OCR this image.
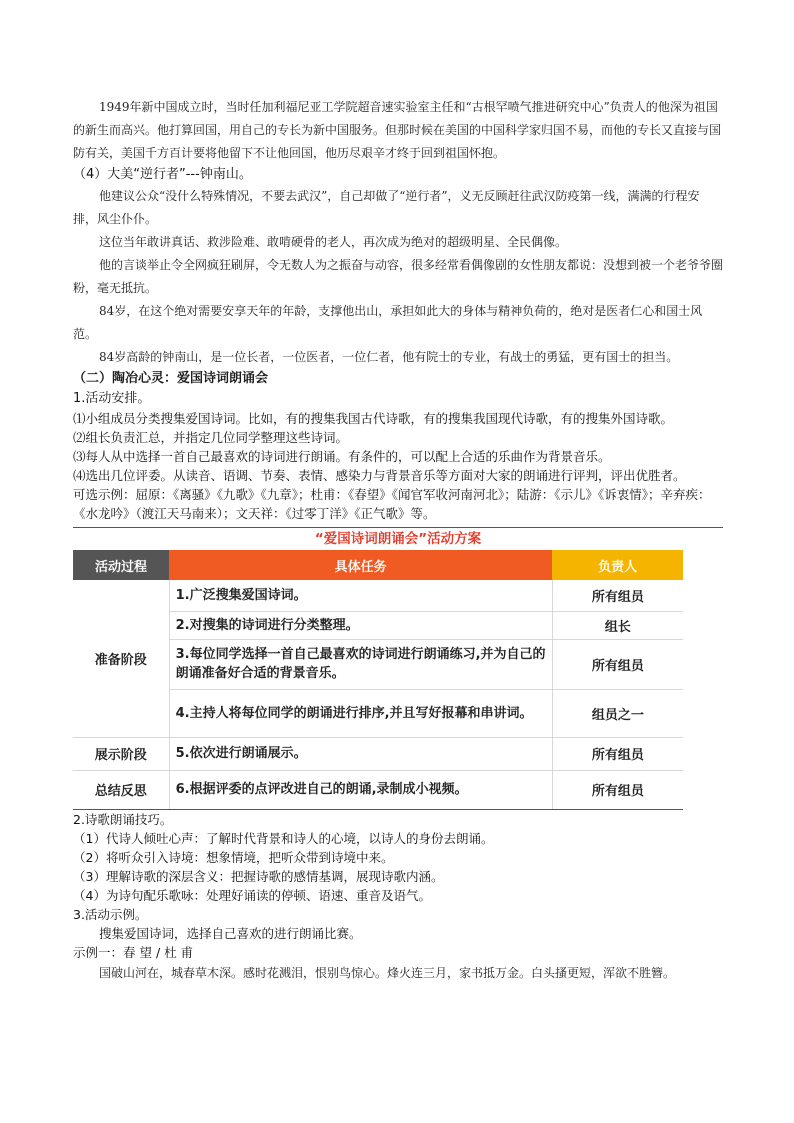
1949年新中国成立时，当时任加利福尼亚工学院超音速实验室主任和“古根罕喷气推进研究中心”负责人的他深为祖国的新生而高兴。他打算回国，用自己的专长为新中国服务。但那时候在美国的中国科学家归国不易，而他的专长又直接与国防有关，美国千方百计要将他留下不让他回国，他历尽艰辛才终于回到祖国怀抱。

（4）大美“逆行者”---钟南山。

他建议公众“没什么特殊情况，不要去武汉”，自己却做了“逆行者”，义无反顾赶往武汉防疫第一线，满满的行程安排，风尘仆仆。

这位当年敢讲真话、救涉险难、敢啃硬骨的老人，再次成为绝对的超级明星、全民偶像。

他的言谈举止令全网疯狂刷屏，令无数人为之振奋与动容，很多经常看偶像剧的女性朋友都说：没想到被一个老爷爷圈粉，毫无抵抗。

84岁，在这个绝对需要安享天年的年龄，支撑他出山，承担如此大的身体与精神负荷的，绝对是医者仁心和国士风范。

84岁高龄的钟南山，是一位长者，一位医者，一位仁者，他有院士的专业，有战士的勇猛，更有国士的担当。

（二）陶冶心灵：爱国诗词朗诵会

1.活动安排。

⑴小组成员分类搜集爱国诗词。比如，有的搜集我国古代诗歌，有的搜集我国现代诗歌，有的搜集外国诗歌。

⑵组长负责汇总，并指定几位同学整理这些诗词。

⑶每人从中选择一首自己最喜欢的诗词进行朗诵。有条件的，可以配上合适的乐曲作为背景音乐。

⑷选出几位评委。从读音、语调、节奏、表情、感染力与背景音乐等方面对大家的朗诵进行评判，评出优胜者。

可选示例：屈原：《离骚》《九歌》《九章》；杜甫：《春望》《闻官军收河南河北》；陆游：《示儿》《诉衷情》；辛弃疾：《水龙吟》（渡江天马南来）；文天祥：《过零丁洋》《正气歌》等。

“爱国诗词朗诵会”活动方案
活动过程	具体任务	负责人
准备阶段	1.广泛搜集爱国诗词。	所有组员
	2.对搜集的诗词进行分类整理。	组长
	3.每位同学选择一首自己最喜欢的诗词进行朗诵练习,并为自己的朗诵准备好合适的背景音乐。	所有组员
	4.主持人将每位同学的朗诵进行排序,并且写好报幕和串讲词。	组员之一
展示阶段	5.依次进行朗诵展示。	所有组员
总结反思	6.根据评委的点评改进自己的朗诵,录制成小视频。	所有组员

2.诗歌朗诵技巧。

（1）代诗人倾吐心声：了解时代背景和诗人的心境，以诗人的身份去朗诵。

（2）将听众引入诗境：想象情境，把听众带到诗境中来。

（3）理解诗歌的深层含义：把握诗歌的感情基调，展现诗歌内涵。

（4）为诗句配乐歌咏：处理好诵读的停顿、语速、重音及语气。

3.活动示例。

搜集爱国诗词，选择自己喜欢的进行朗诵比赛。

示例一：春 望 / 杜 甫

国破山河在，城春草木深。感时花溅泪，恨别鸟惊心。烽火连三月，家书抵万金。白头搔更短，浑欲不胜簪。
